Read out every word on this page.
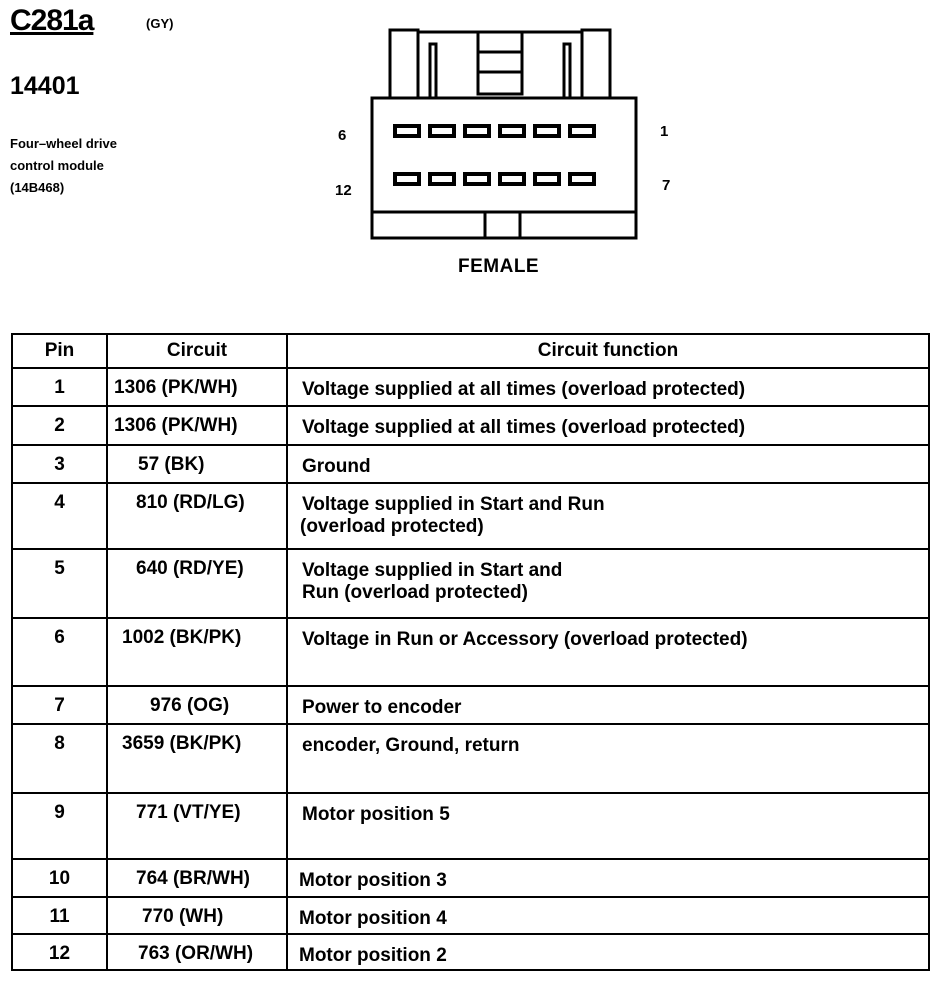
C281a	(GY)
14401
Four–wheel drive
control module
(14B468)
6	1
12	7
FEMALE
Pin	Circuit	Circuit function
1	1306 (PK/WH)	Voltage supplied at all times (overload protected)

2	1306 (PK/WH)	Voltage supplied at all times (overload protected)

3	57 (BK)	Ground

4	810 (RD/LG)	Voltage supplied in Start and Run
(overload protected)

5	640 (RD/YE)	Voltage supplied in Start and
Run (overload protected)

6	1002 (BK/PK)	Voltage in Run or Accessory (overload protected)

7	976 (OG)	Power to encoder

8	3659 (BK/PK)	encoder, Ground, return

9	771 (VT/YE)	Motor position 5

10	764 (BR/WH)	Motor position 3

11	770 (WH)	Motor position 4

12	763 (OR/WH)	Motor position 2
